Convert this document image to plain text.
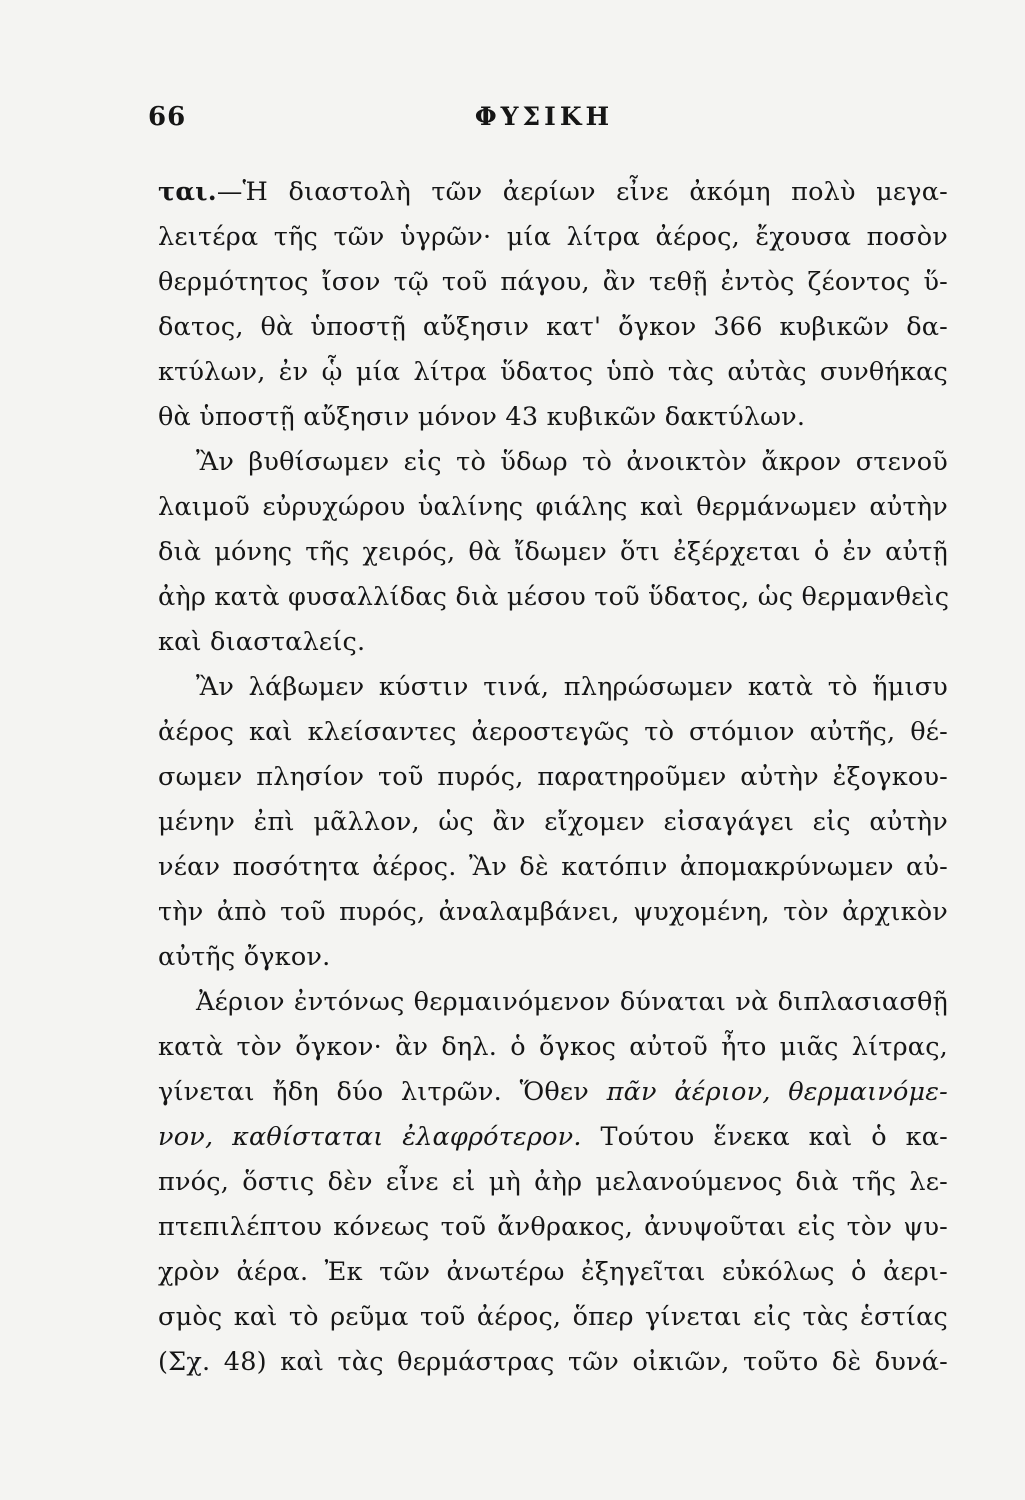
66	ΦΥΣΙΚΗ
ται.—Ἡ διαστολὴ τῶν ἀερίων εἶνε ἀκόμη πολὺ μεγα-
λειτέρα τῆς τῶν ὑγρῶν· μία λίτρα ἀέρος, ἔχουσα ποσὸν
θερμότητος ἴσον τῷ τοῦ πάγου, ἂν τεθῇ ἐντὸς ζέοντος ὕ-
δατος, θὰ ὑποστῇ αὔξησιν κατ' ὄγκον 366 κυβικῶν δα-
κτύλων, ἐν ᾧ μία λίτρα ὕδατος ὑπὸ τὰς αὐτὰς συνθήκας
θὰ ὑποστῇ αὔξησιν μόνον 43 κυβικῶν δακτύλων.
Ἂν βυθίσωμεν εἰς τὸ ὕδωρ τὸ ἀνοικτὸν ἄκρον στενοῦ
λαιμοῦ εὐρυχώρου ὑαλίνης φιάλης καὶ θερμάνωμεν αὐτὴν
διὰ μόνης τῆς χειρός, θὰ ἴδωμεν ὅτι ἐξέρχεται ὁ ἐν αὐτῇ
ἀὴρ κατὰ φυσαλλίδας διὰ μέσου τοῦ ὕδατος, ὡς θερμανθεὶς
καὶ διασταλείς.
Ἂν λάβωμεν κύστιν τινά, πληρώσωμεν κατὰ τὸ ἥμισυ
ἀέρος καὶ κλείσαντες ἀεροστεγῶς τὸ στόμιον αὐτῆς, θέ-
σωμεν πλησίον τοῦ πυρός, παρατηροῦμεν αὐτὴν ἐξογκου-
μένην ἐπὶ μᾶλλον, ὡς ἂν εἴχομεν εἰσαγάγει εἰς αὐτὴν
νέαν ποσότητα ἀέρος. Ἂν δὲ κατόπιν ἀπομακρύνωμεν αὐ-
τὴν ἀπὸ τοῦ πυρός, ἀναλαμβάνει, ψυχομένη, τὸν ἀρχικὸν
αὐτῆς ὄγκον.
Ἀέριον ἐντόνως θερμαινόμενον δύναται νὰ διπλασιασθῇ
κατὰ τὸν ὄγκον· ἂν δηλ. ὁ ὄγκος αὐτοῦ ἦτο μιᾶς λίτρας,
γίνεται ἤδη δύο λιτρῶν. Ὅθεν πᾶν ἀέριον, θερμαινόμε-
νον, καθίσταται ἐλαφρότερον. Τούτου ἕνεκα καὶ ὁ κα-
πνός, ὅστις δὲν εἶνε εἰ μὴ ἀὴρ μελανούμενος διὰ τῆς λε-
πτεπιλέπτου κόνεως τοῦ ἄνθρακος, ἀνυψοῦται εἰς τὸν ψυ-
χρὸν ἀέρα. Ἐκ τῶν ἀνωτέρω ἐξηγεῖται εὐκόλως ὁ ἀερι-
σμὸς καὶ τὸ ρεῦμα τοῦ ἀέρος, ὅπερ γίνεται εἰς τὰς ἑστίας
(Σχ. 48) καὶ τὰς θερμάστρας τῶν οἰκιῶν, τοῦτο δὲ δυνά-
